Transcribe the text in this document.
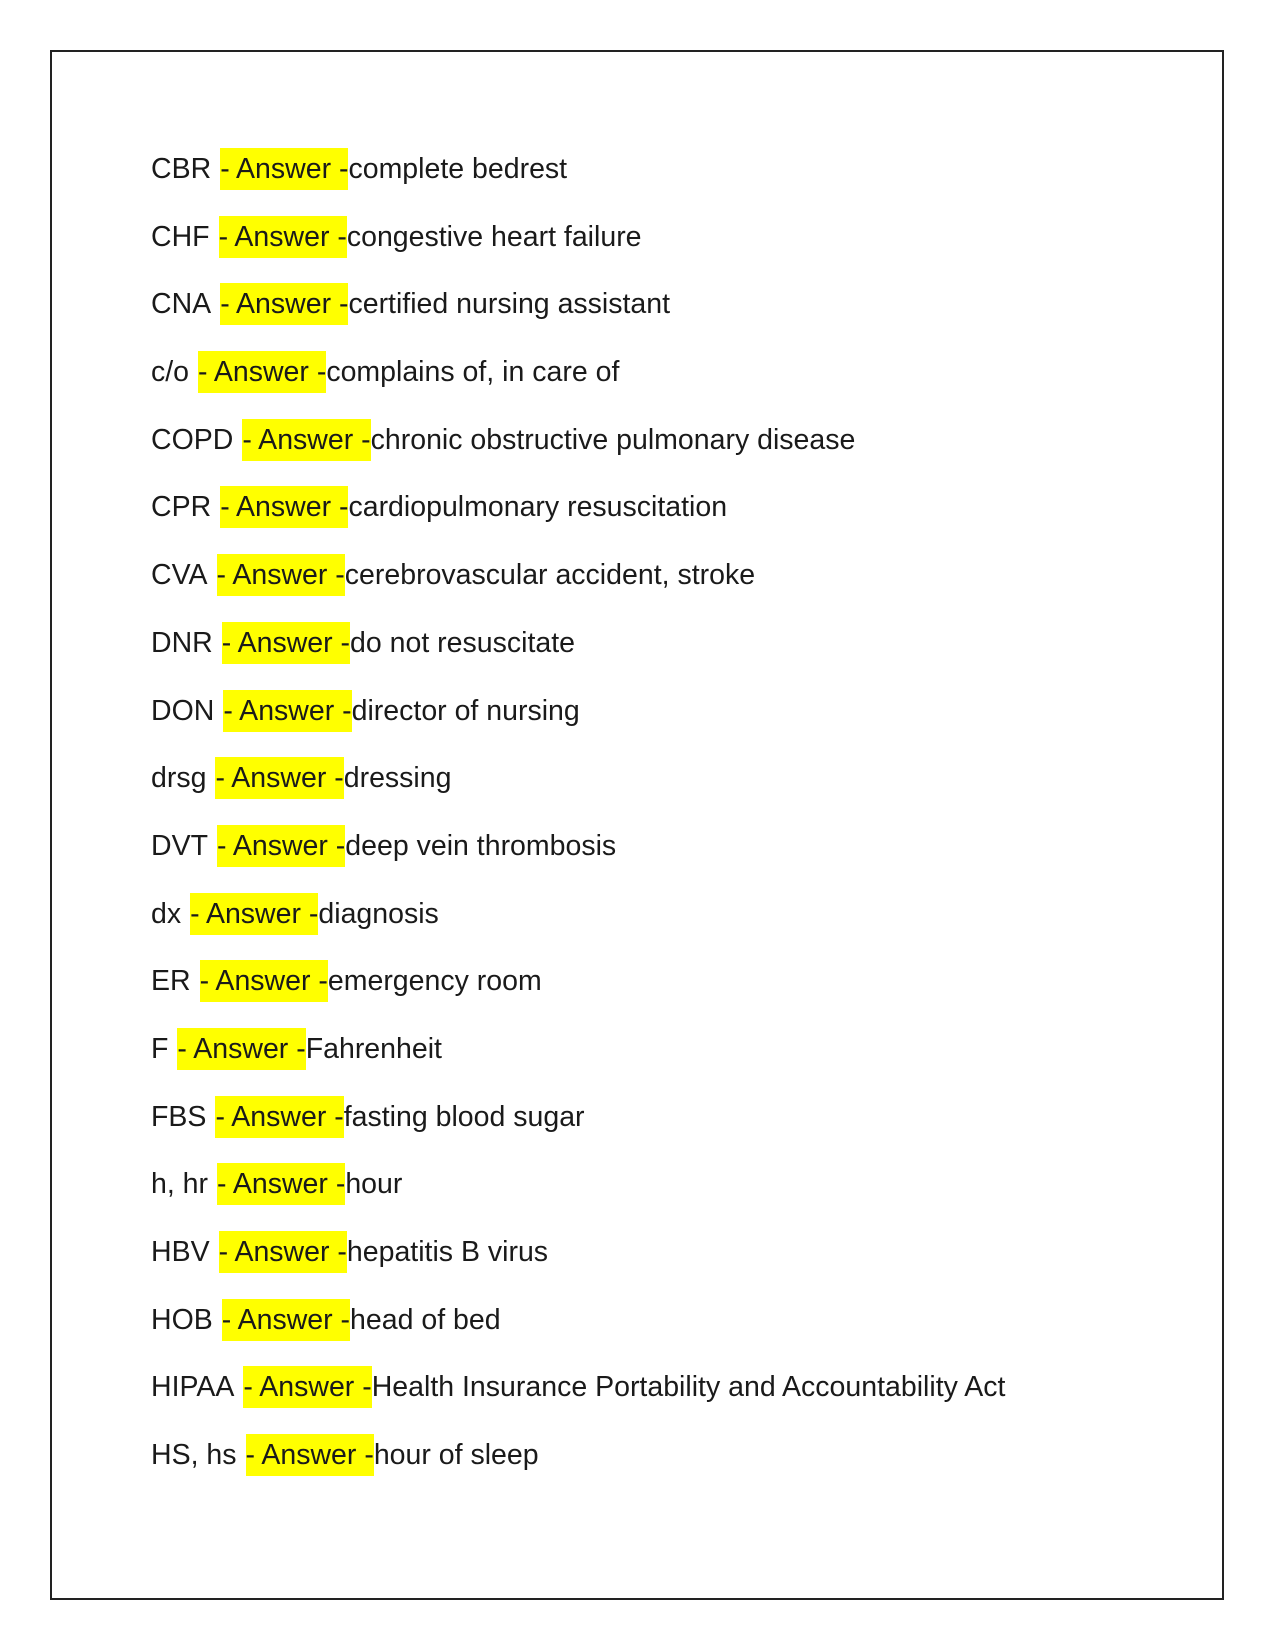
CBR - Answer -complete bedrest
CHF - Answer -congestive heart failure
CNA - Answer -certified nursing assistant
c/o - Answer -complains of, in care of
COPD - Answer -chronic obstructive pulmonary disease
CPR - Answer -cardiopulmonary resuscitation
CVA - Answer -cerebrovascular accident, stroke
DNR - Answer -do not resuscitate
DON - Answer -director of nursing
drsg - Answer -dressing
DVT - Answer -deep vein thrombosis
dx - Answer -diagnosis
ER - Answer -emergency room
F - Answer -Fahrenheit
FBS - Answer -fasting blood sugar
h, hr - Answer -hour
HBV - Answer -hepatitis B virus
HOB - Answer -head of bed
HIPAA - Answer -Health Insurance Portability and Accountability Act
HS, hs - Answer -hour of sleep
